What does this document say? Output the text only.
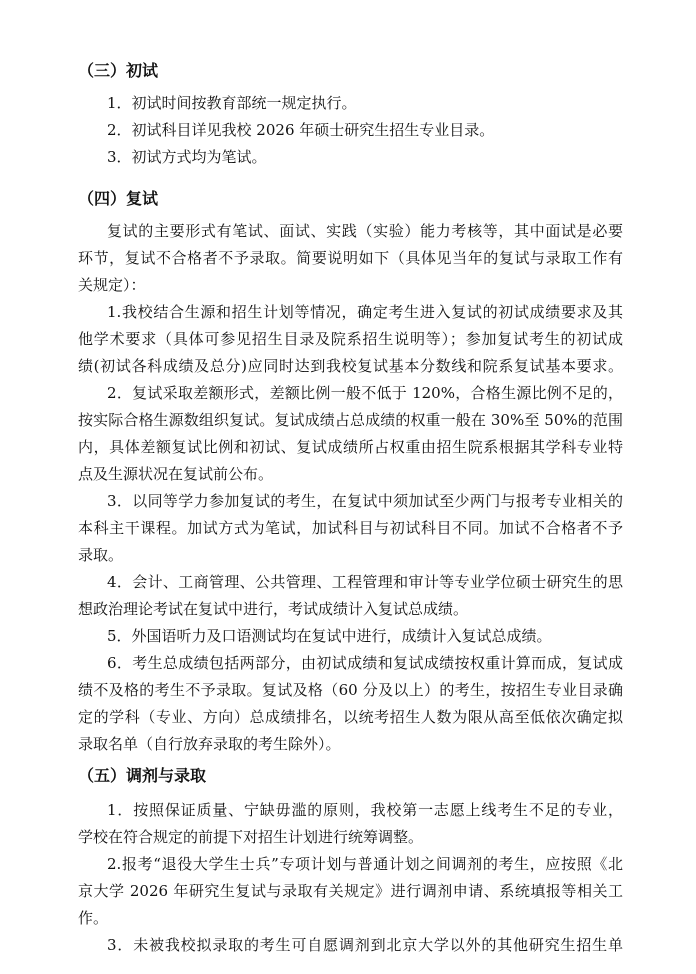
（三）初试
1．初试时间按教育部统一规定执行。
2．初试科目详见我校 2026 年硕士研究生招生专业目录。
3．初试方式均为笔试。
（四）复试
复试的主要形式有笔试、面试、实践（实验）能力考核等，其中面试是必要
环节，复试不合格者不予录取。简要说明如下（具体见当年的复试与录取工作有
关规定）：
1.我校结合生源和招生计划等情况，确定考生进入复试的初试成绩要求及其
他学术要求（具体可参见招生目录及院系招生说明等）；参加复试考生的初试成
绩(初试各科成绩及总分)应同时达到我校复试基本分数线和院系复试基本要求。
2．复试采取差额形式，差额比例一般不低于 120%，合格生源比例不足的，
按实际合格生源数组织复试。复试成绩占总成绩的权重一般在 30%至 50%的范围
内，具体差额复试比例和初试、复试成绩所占权重由招生院系根据其学科专业特
点及生源状况在复试前公布。
3．以同等学力参加复试的考生，在复试中须加试至少两门与报考专业相关的
本科主干课程。加试方式为笔试，加试科目与初试科目不同。加试不合格者不予
录取。
4．会计、工商管理、公共管理、工程管理和审计等专业学位硕士研究生的思
想政治理论考试在复试中进行，考试成绩计入复试总成绩。
5．外国语听力及口语测试均在复试中进行，成绩计入复试总成绩。
6．考生总成绩包括两部分，由初试成绩和复试成绩按权重计算而成，复试成
绩不及格的考生不予录取。复试及格（60 分及以上）的考生，按招生专业目录确
定的学科（专业、方向）总成绩排名，以统考招生人数为限从高至低依次确定拟
录取名单（自行放弃录取的考生除外）。
（五）调剂与录取
1．按照保证质量、宁缺毋滥的原则，我校第一志愿上线考生不足的专业，
学校在符合规定的前提下对招生计划进行统筹调整。
2.报考“退役大学生士兵”专项计划与普通计划之间调剂的考生，应按照《北
京大学 2026 年研究生复试与录取有关规定》进行调剂申请、系统填报等相关工
作。
3．未被我校拟录取的考生可自愿调剂到北京大学以外的其他研究生招生单
